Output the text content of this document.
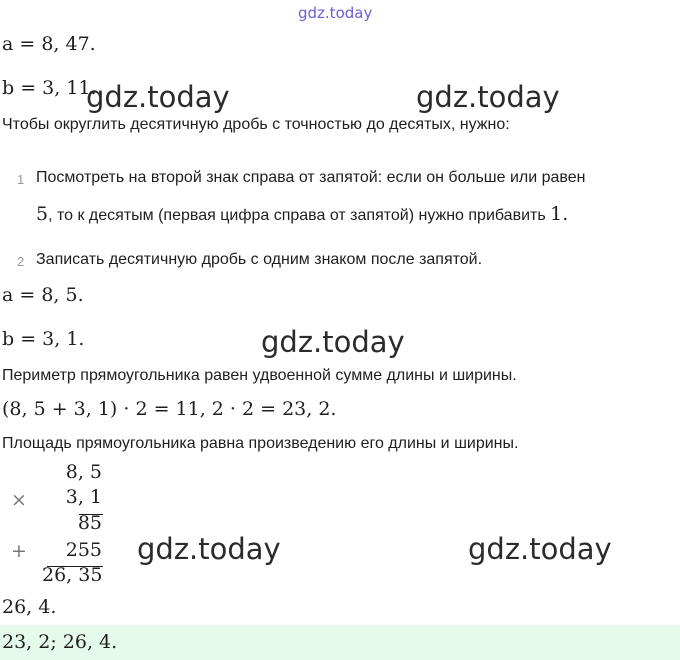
gdz.today
a = 8, 47.
b = 3, 11.
gdz.today	gdz.today
Чтобы округлить десятичную дробь с точностью до десятых, нужно:
1 Посмотреть на второй знак справа от запятой: если он больше или равен
5, то к десятым (первая цифра справа от запятой) нужно прибавить 1.
2 Записать десятичную дробь с одним знаком после запятой.
a = 8, 5.
b = 3, 1.	gdz.today
Периметр прямоугольника равен удвоенной сумме длины и ширины.
(8, 5 + 3, 1) · 2 = 11, 2 · 2 = 23, 2.
Площадь прямоугольника равна произведению его длины и ширины.
8, 5
×	3, 1
85
+	255
26, 35
gdz.today	gdz.today
26, 4.
23, 2; 26, 4.
